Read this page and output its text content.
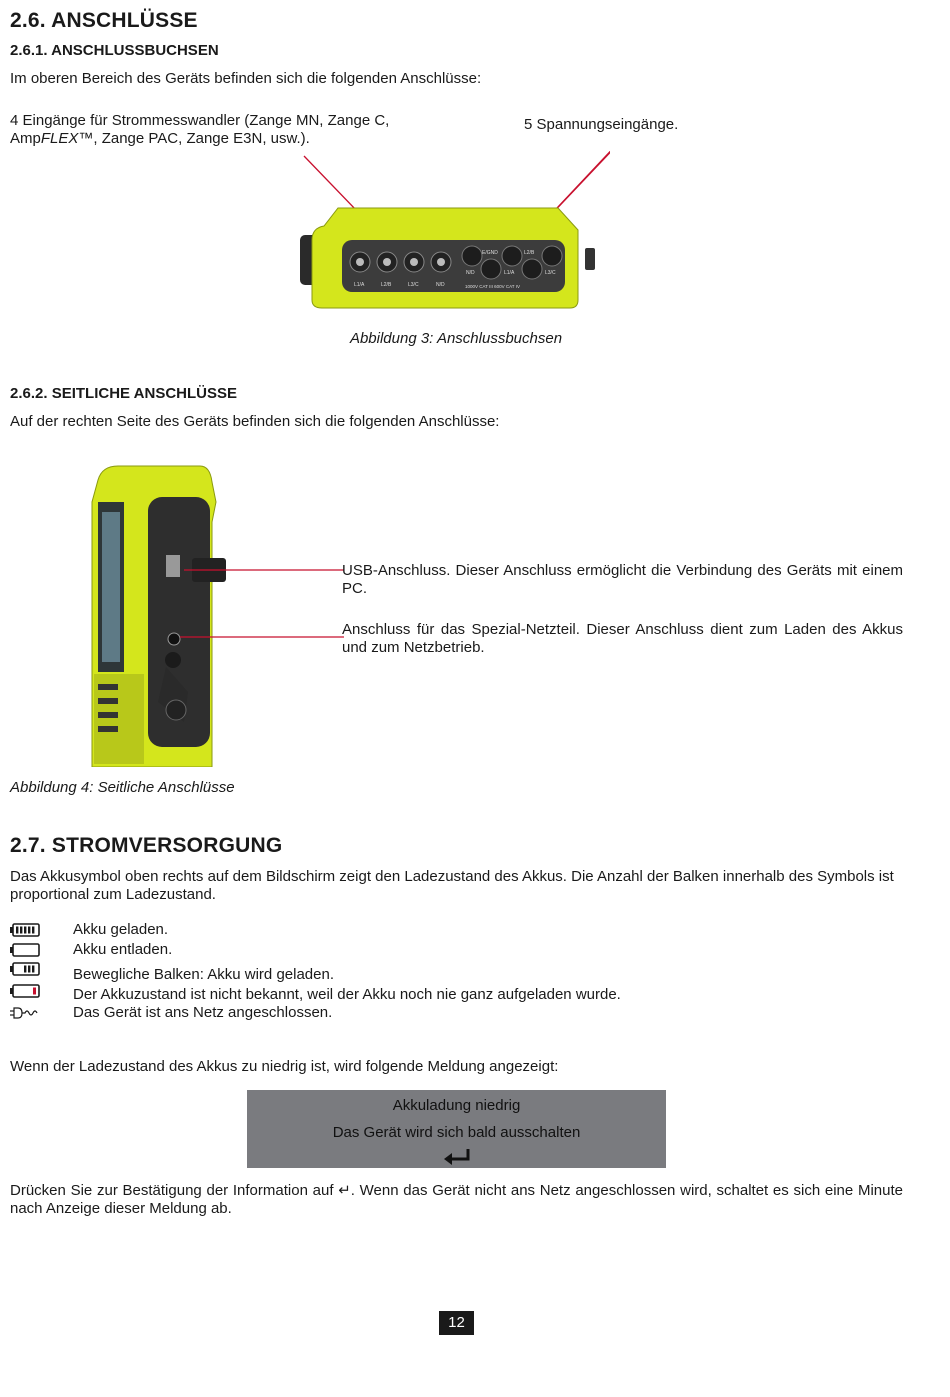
2.6. ANSCHLÜSSE
2.6.1. ANSCHLUSSBUCHSEN
Im oberen Bereich des Geräts befinden sich die folgenden Anschlüsse:
4 Eingänge für Strommesswandler (Zange MN, Zange C,
AmpFLEX™, Zange PAC, Zange E3N, usw.).
5 Spannungseingänge.
L1/A	L2/B	L3/C	N/D
E/GND	L2/B
N/D	L1/A	L3/C
1000V CAT III 600V CAT IV
Abbildung 3: Anschlussbuchsen
2.6.2. SEITLICHE ANSCHLÜSSE
Auf der rechten Seite des Geräts befinden sich die folgenden Anschlüsse:
USB-Anschluss. Dieser Anschluss ermöglicht die Verbindung des Geräts mit einem PC.
Anschluss für das Spezial-Netzteil. Dieser Anschluss dient zum Laden des Akkus und zum Netzbetrieb.
Abbildung 4: Seitliche Anschlüsse
2.7. STROMVERSORGUNG
Das Akkusymbol oben rechts auf dem Bildschirm zeigt den Ladezustand des Akkus. Die Anzahl der Balken innerhalb des Symbols ist proportional zum Ladezustand.
Akku geladen.
Akku entladen.
Bewegliche Balken: Akku wird geladen.
Der Akkuzustand ist nicht bekannt, weil der Akku noch nie ganz aufgeladen wurde.
Das Gerät ist ans Netz angeschlossen.
Wenn der Ladezustand des Akkus zu niedrig ist, wird folgende Meldung angezeigt:
Akkuladung niedrig
Das Gerät wird sich bald ausschalten
Drücken Sie zur Bestätigung der Information auf ↵. Wenn das Gerät nicht ans Netz angeschlossen wird, schaltet es sich eine Minute nach Anzeige dieser Meldung ab.
12
